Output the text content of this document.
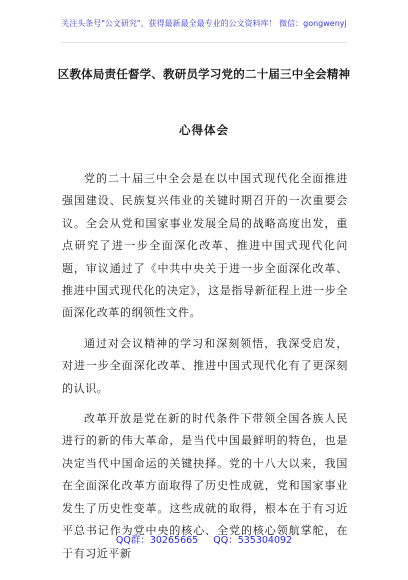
关注头条号"公文研究"，获得最新最全最专业的公文资料库！ 微信：gongwenyj
区教体局责任督学、教研员学习党的二十届三中全会精神
心得体会

党的二十届三中全会是在以中国式现代化全面推进强国建设、民族复兴伟业的关键时期召开的一次重要会议。全会从党和国家事业发展全局的战略高度出发，重点研究了进一步全面深化改革、推进中国式现代化问题，审议通过了《中共中央关于进一步全面深化改革、推进中国式现代化的决定》，这是指导新征程上进一步全面深化改革的纲领性文件。

通过对会议精神的学习和深刻领悟，我深受启发，对进一步全面深化改革、推进中国式现代化有了更深刻的认识。

改革开放是党在新的时代条件下带领全国各族人民进行的新的伟大革命，是当代中国最鲜明的特色，也是决定当代中国命运的关键抉择。党的十八大以来，我国在全面深化改革方面取得了历史性成就，党和国家事业发生了历史性变革。这些成就的取得，根本在于有习近平总书记作为党中央的核心、全党的核心领航掌舵，在于有习近平新

QQ群：30265665 QQ：535304092
